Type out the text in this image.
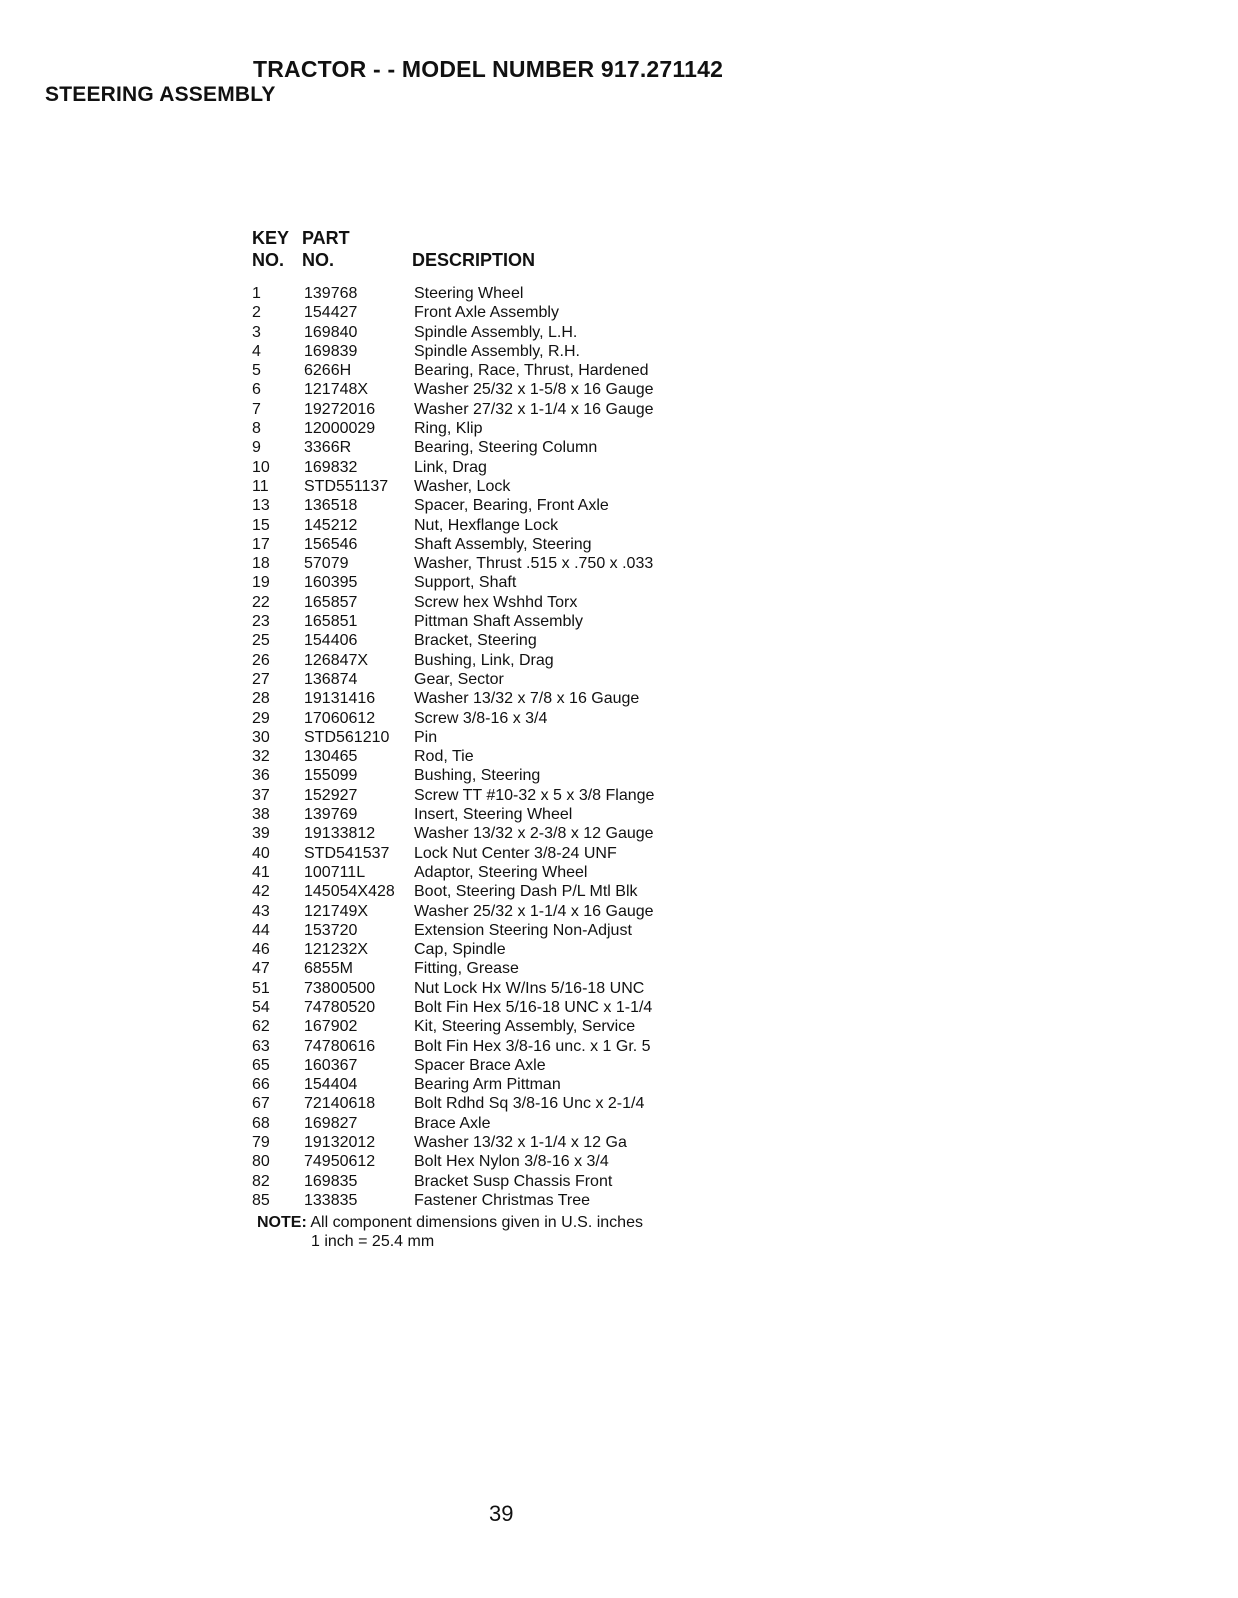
TRACTOR - - MODEL NUMBER 917.271142
STEERING ASSEMBLY
KEY PART
NO. NO.	DESCRIPTION
1	139768	Steering Wheel
2	154427	Front Axle Assembly
3	169840	Spindle Assembly, L.H.
4	169839	Spindle Assembly, R.H.
5	6266H	Bearing, Race, Thrust, Hardened
6	121748X	Washer 25/32 x 1-5/8 x 16 Gauge
7	19272016	Washer 27/32 x 1-1/4 x 16 Gauge
8	12000029	Ring, Klip
9	3366R	Bearing, Steering Column
10	169832	Link, Drag
11	STD551137	Washer, Lock
13	136518	Spacer, Bearing, Front Axle
15	145212	Nut, Hexflange Lock
17	156546	Shaft Assembly, Steering
18	57079	Washer, Thrust .515 x .750 x .033
19	160395	Support, Shaft
22	165857	Screw hex Wshhd Torx
23	165851	Pittman Shaft Assembly
25	154406	Bracket, Steering
26	126847X	Bushing, Link, Drag
27	136874	Gear, Sector
28	19131416	Washer 13/32 x 7/8 x 16 Gauge
29	17060612	Screw 3/8-16 x 3/4
30	STD561210	Pin
32	130465	Rod, Tie
36	155099	Bushing, Steering
37	152927	Screw TT #10-32 x 5 x 3/8 Flange
38	139769	Insert, Steering Wheel
39	19133812	Washer 13/32 x 2-3/8 x 12 Gauge
40	STD541537	Lock Nut Center 3/8-24 UNF
41	100711L	Adaptor, Steering Wheel
42	145054X428	Boot, Steering Dash P/L Mtl Blk
43	121749X	Washer 25/32 x 1-1/4 x 16 Gauge
44	153720	Extension Steering Non-Adjust
46	121232X	Cap, Spindle
47	6855M	Fitting, Grease
51	73800500	Nut Lock Hx W/Ins 5/16-18 UNC
54	74780520	Bolt Fin Hex 5/16-18 UNC x 1-1/4
62	167902	Kit, Steering Assembly, Service
63	74780616	Bolt Fin Hex 3/8-16 unc. x 1 Gr. 5
65	160367	Spacer Brace Axle
66	154404	Bearing Arm Pittman
67	72140618	Bolt Rdhd Sq 3/8-16 Unc x 2-1/4
68	169827	Brace Axle
79	19132012	Washer 13/32 x 1-1/4 x 12 Ga
80	74950612	Bolt Hex Nylon 3/8-16 x 3/4
82	169835	Bracket Susp Chassis Front
85	133835	Fastener Christmas Tree
NOTE: All component dimensions given in U.S. inches
1 inch = 25.4 mm
39
